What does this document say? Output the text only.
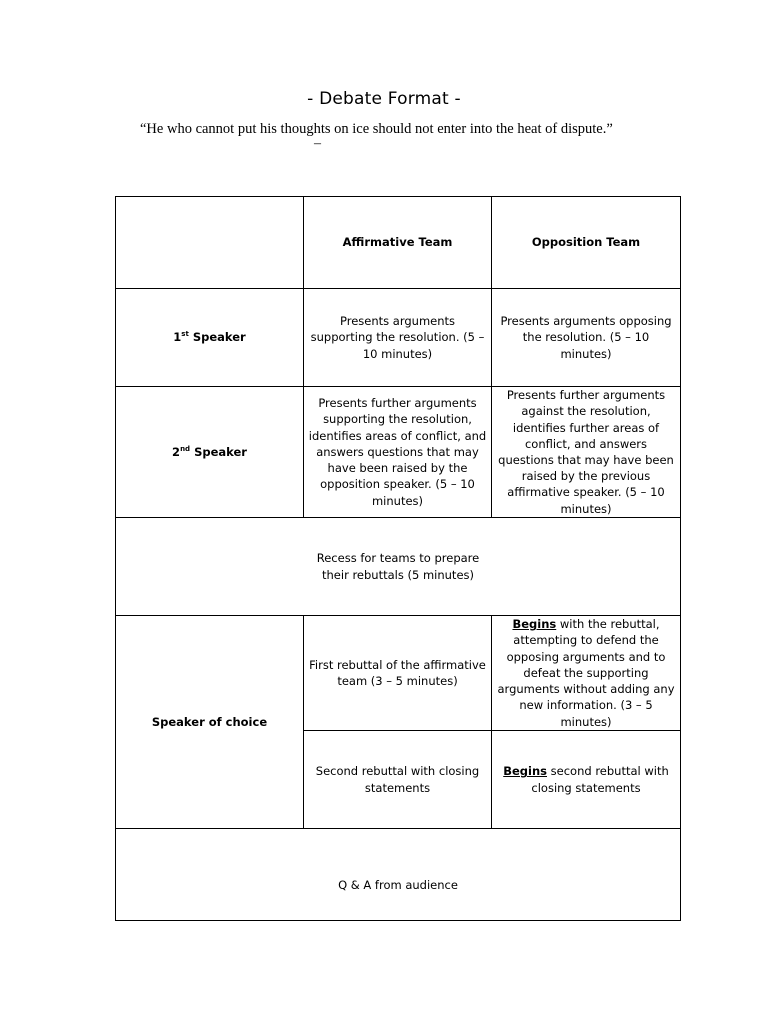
- Debate Format -
“He who cannot put his thoughts on ice should not enter into the heat of dispute.”
–
	Affirmative Team	Opposition Team
1st Speaker	Presents arguments supporting the resolution. (5 – 10 minutes)	Presents arguments opposing the resolution. (5 – 10 minutes)
2nd Speaker	Presents further arguments supporting the resolution, identifies areas of conflict, and answers questions that may have been raised by the opposition speaker. (5 – 10 minutes)	Presents further arguments against the resolution, identifies further areas of conflict, and answers questions that may have been raised by the previous affirmative speaker. (5 – 10 minutes)

Recess for teams to prepare their rebuttals (5 minutes)		

Speaker of choice	First rebuttal of the affirmative team (3 – 5 minutes)	Begins with the rebuttal, attempting to defend the opposing arguments and to defeat the supporting arguments without adding any new information. (3 – 5 minutes)
	Second rebuttal with closing statements	Begins second rebuttal with closing statements
Q & A from audience		
